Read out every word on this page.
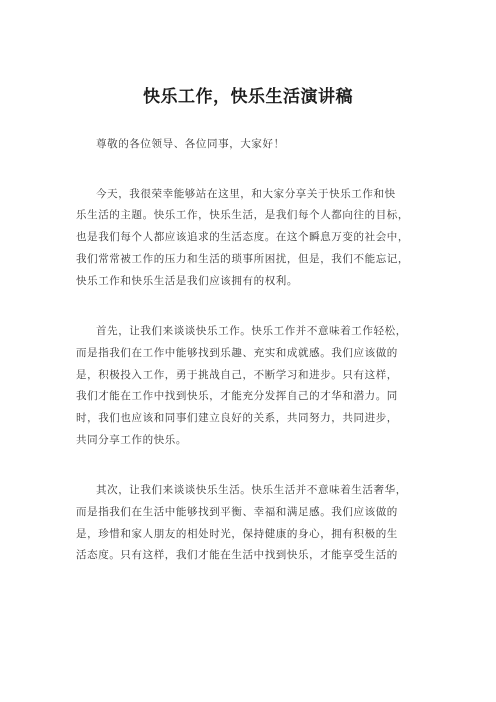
快乐工作，快乐生活演讲稿
尊敬的各位领导、各位同事，大家好！
今天，我很荣幸能够站在这里，和大家分享关于快乐工作和快
乐生活的主题。快乐工作，快乐生活，是我们每个人都向往的目标，
也是我们每个人都应该追求的生活态度。在这个瞬息万变的社会中，
我们常常被工作的压力和生活的琐事所困扰，但是，我们不能忘记，
快乐工作和快乐生活是我们应该拥有的权利。
首先，让我们来谈谈快乐工作。快乐工作并不意味着工作轻松，
而是指我们在工作中能够找到乐趣、充实和成就感。我们应该做的
是，积极投入工作，勇于挑战自己，不断学习和进步。只有这样，
我们才能在工作中找到快乐，才能充分发挥自己的才华和潜力。同
时，我们也应该和同事们建立良好的关系，共同努力，共同进步，
共同分享工作的快乐。
其次，让我们来谈谈快乐生活。快乐生活并不意味着生活奢华，
而是指我们在生活中能够找到平衡、幸福和满足感。我们应该做的
是，珍惜和家人朋友的相处时光，保持健康的身心，拥有积极的生
活态度。只有这样，我们才能在生活中找到快乐，才能享受生活的
